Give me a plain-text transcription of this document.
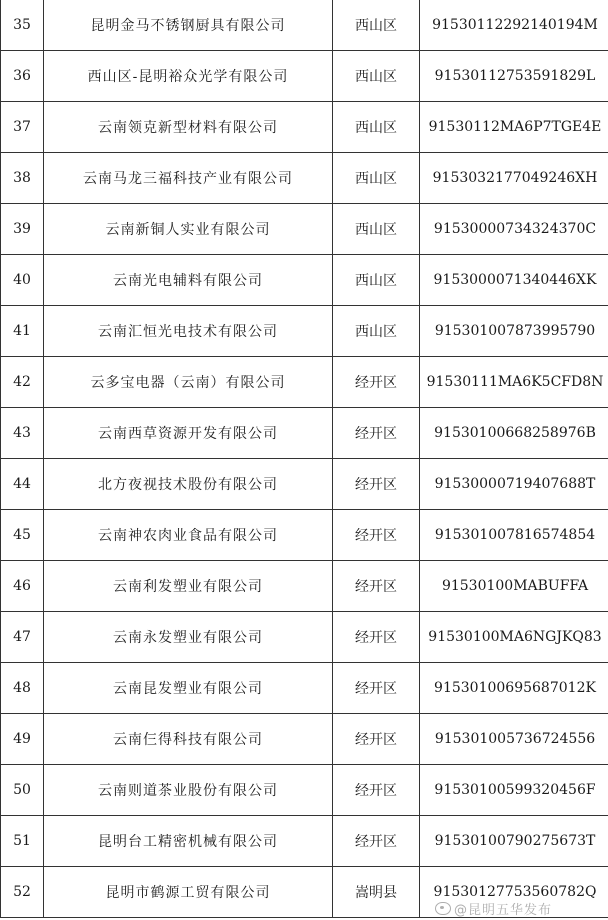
35	昆明金马不锈钢厨具有限公司	西山区	915301122921401​94M
36	西山区-昆明裕众光学有限公司	西山区	91530112753591829L
37	云南领克新型材料有限公司	西山区	91530112MA6P7TGE4E
38	云南马龙三福科技产业有限公司	西山区	91530321770492​46XH
39	云南新铜人实业有限公司	西山区	91530000734324370C
40	云南光电辅料有限公司	西山区	91530000713404​46XK
41	云南汇恒光电技术有限公司	西山区	915301007873995790
42	云多宝电器（云南）有限公司	经开区	91530111MA6K5CFD8N
43	云南西草资源开发有限公司	经开区	91530100668258976B
44	北方夜视技术股份有限公司	经开区	91530000719407688T
45	云南神农肉业食品有限公司	经开区	915301007816574854
46	云南利发塑业有限公司	经开区	91530100MABUFFA
47	云南永发塑业有限公司	经开区	91530100MA6NGJKQ83
48	云南昆发塑业有限公司	经开区	91530100695687012K
49	云南仨得科技有限公司	经开区	915301005736724556
50	云南则道茶业股份有限公司	经开区	91530100599320456F
51	昆明台工精密机械有限公司	经开区	91530100790275673T
52	昆明市鹤源工贸有限公司	嵩明县	91530127753560782Q
@昆明五华发布
